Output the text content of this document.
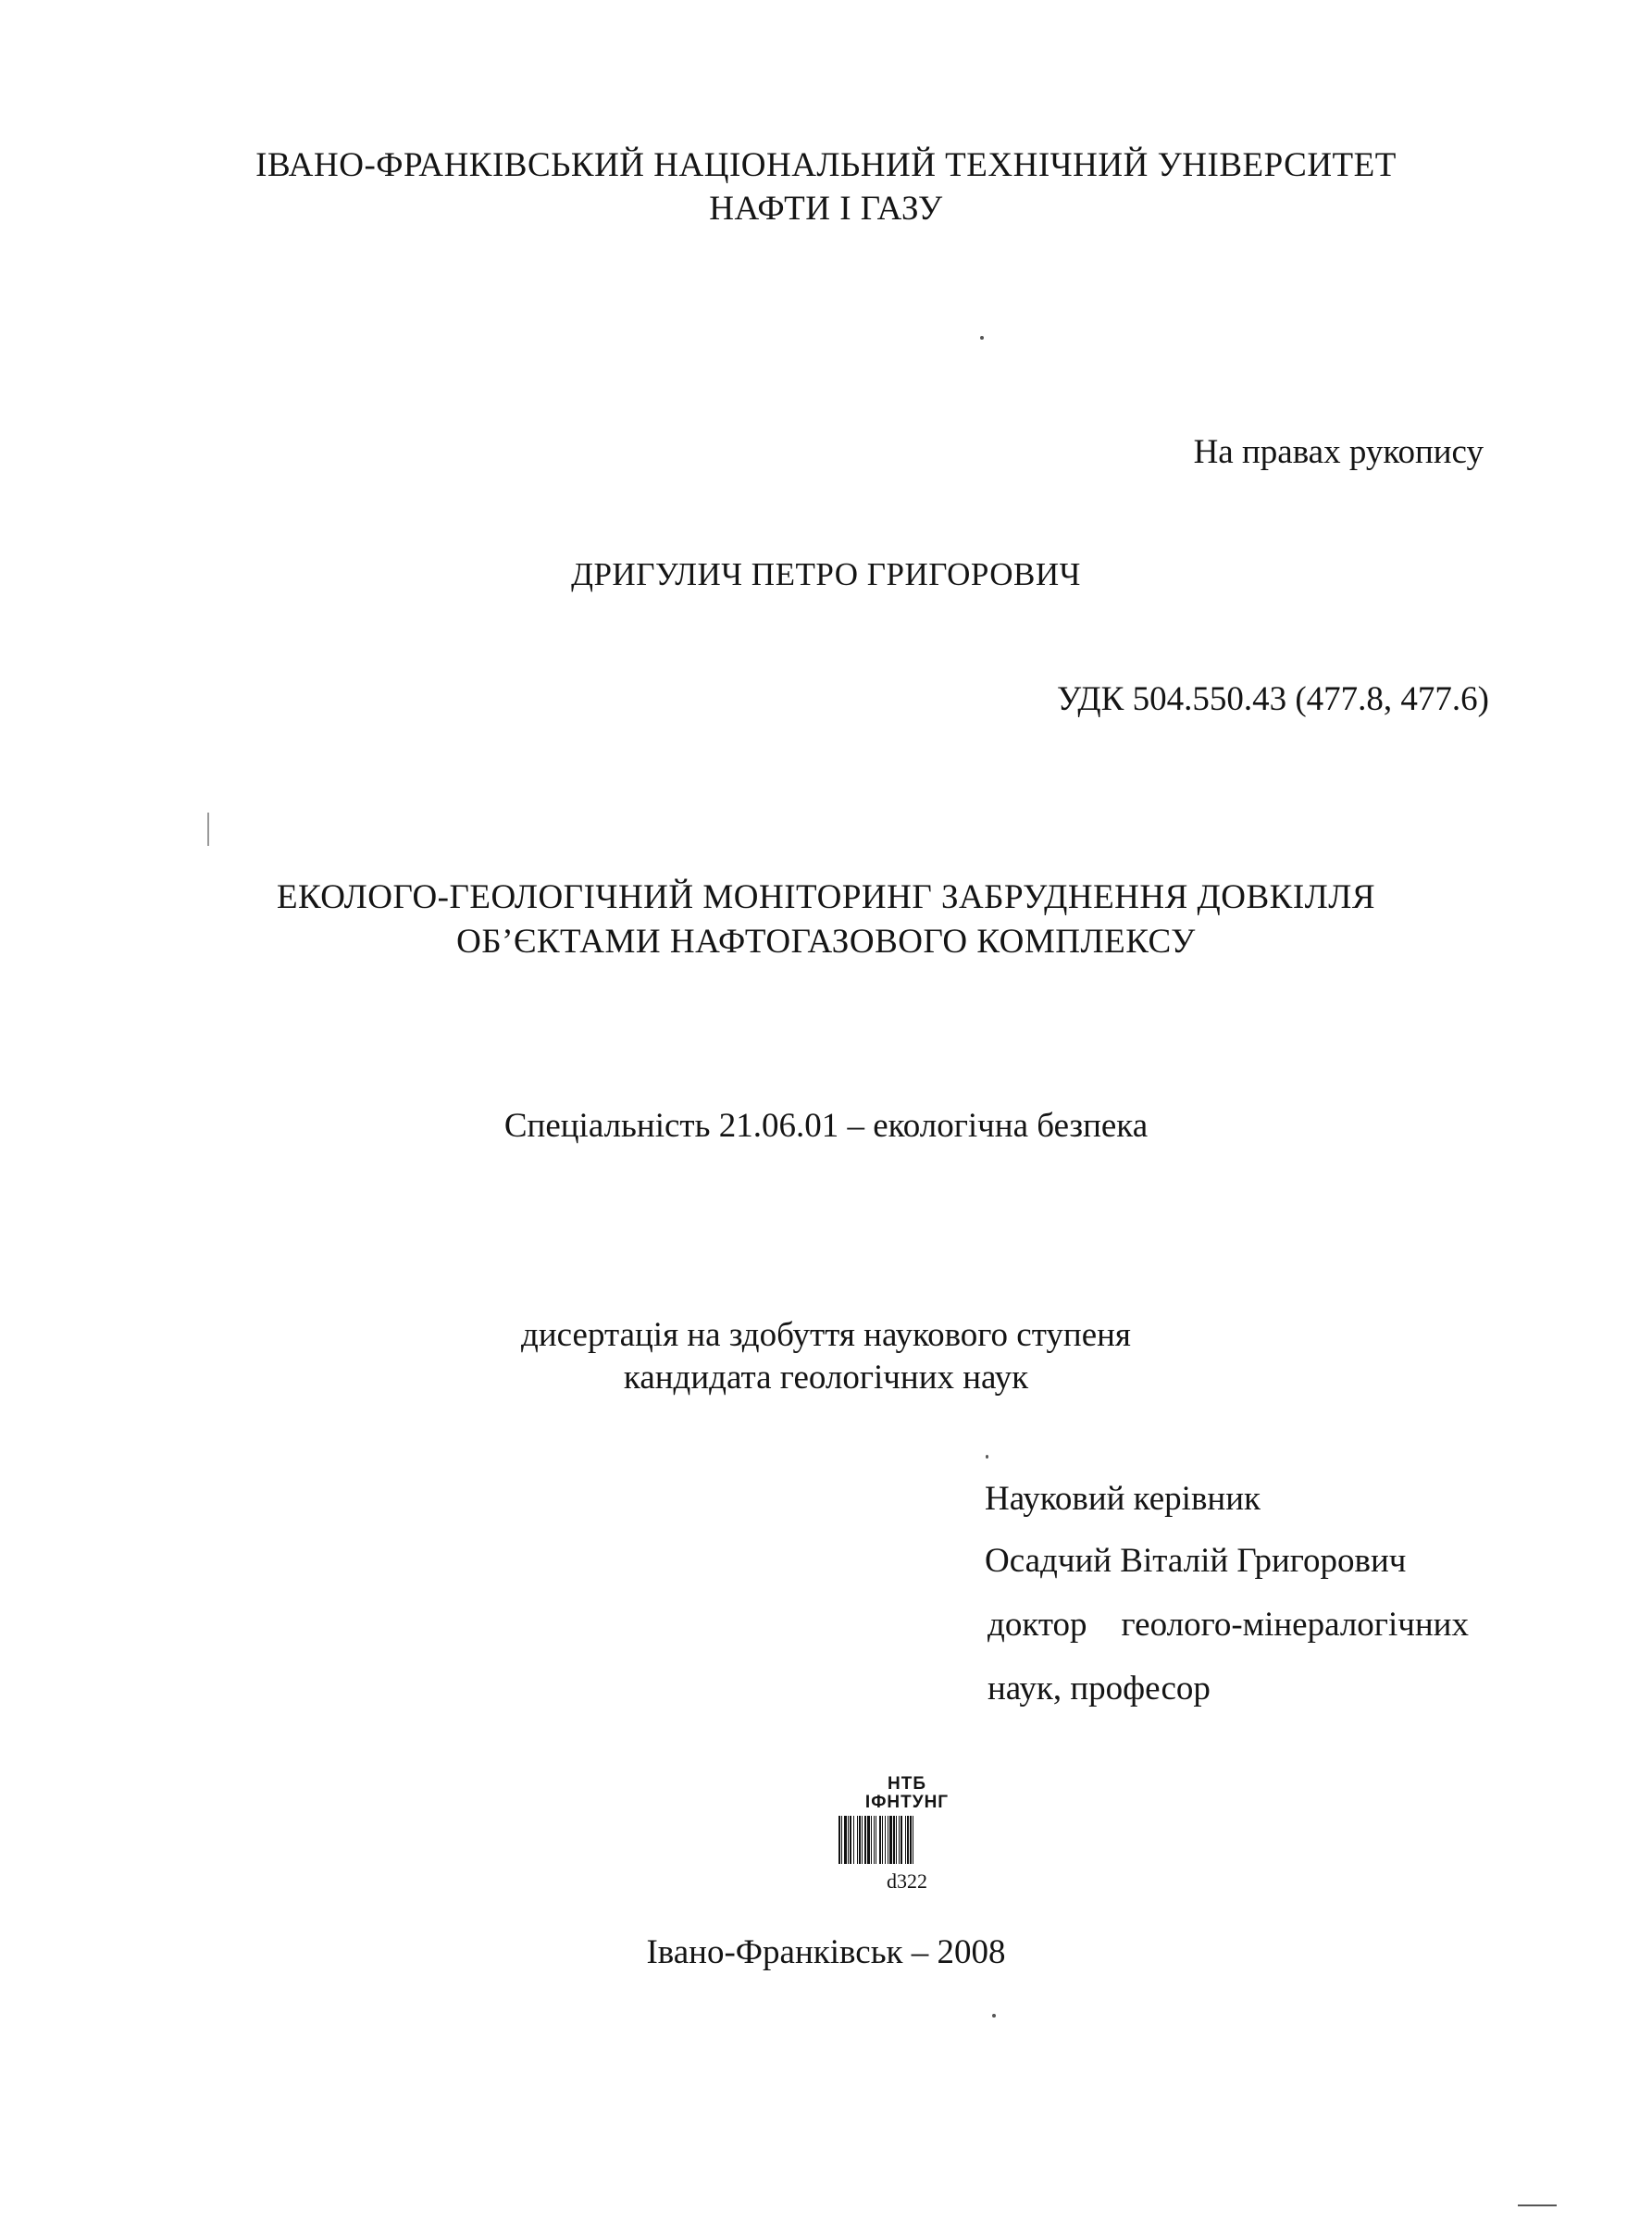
ІВАНО-ФРАНКІВСЬКИЙ НАЦІОНАЛЬНИЙ ТЕХНІЧНИЙ УНІВЕРСИТЕТ
НАФТИ І ГАЗУ
На правах рукопису
ДРИГУЛИЧ ПЕТРО ГРИГОРОВИЧ
УДК 504.550.43 (477.8, 477.6)
ЕКОЛОГО-ГЕОЛОГІЧНИЙ МОНІТОРИНГ ЗАБРУДНЕННЯ ДОВКІЛЛЯ
ОБ’ЄКТАМИ НАФТОГАЗОВОГО КОМПЛЕКСУ
Спеціальність 21.06.01 – екологічна безпека
дисертація на здобуття наукового ступеня
кандидата геологічних наук
Науковий керівник
Осадчий Віталій Григорович
доктор    геолого-мінералогічних
наук, професор
НТБ
ІФНТУНГ
d322
Івано-Франківськ – 2008
